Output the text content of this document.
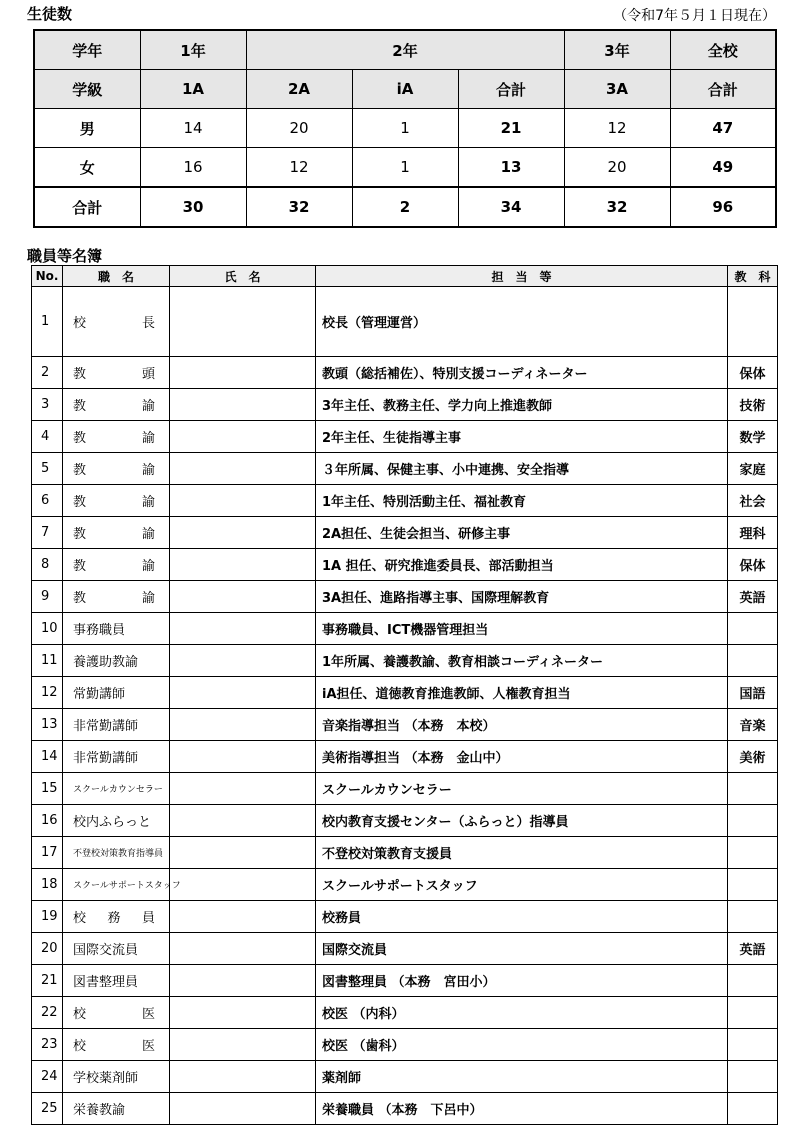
生徒数	（令和7年５月１日現在）
学年	1年	2年			3年	全校
学級	1A	2A	iA	合計	3A	合計
男	14	20	1	21	12	47
女	16	12	1	13	20	49
合計	30	32	2	34	32	96
職員等名簿
No.	職　名	氏　名	担　当　等	教　科
1	校長		校長（管理運営）	
2	教頭		教頭（総括補佐）、特別支援コーディネーター	保体
3	教諭		3年主任、教務主任、学力向上推進教師	技術
4	教諭		2年主任、生徒指導主事	数学
5	教諭		３年所属、保健主事、小中連携、安全指導	家庭
6	教諭		1年主任、特別活動主任、福祉教育	社会
7	教諭		2A担任、生徒会担当、研修主事	理科
8	教諭		1A 担任、研究推進委員長、部活動担当	保体
9	教諭		3A担任、進路指導主事、国際理解教育	英語
10	事務職員		事務職員、ICT機器管理担当	
11	養護助教諭		1年所属、養護教諭、教育相談コーディネーター	
12	常勤講師		iA担任、道徳教育推進教師、人権教育担当	国語
13	非常勤講師		音楽指導担当 （本務　本校）	音楽
14	非常勤講師		美術指導担当 （本務　金山中）	美術
15	スクールカウンセラー		スクールカウンセラー	
16	校内ふらっと		校内教育支援センター（ふらっと）指導員	
17	不登校対策教育指導員		不登校対策教育支援員	
18	スクールサポートスタッフ		スクールサポートスタッフ	
19	校務員		校務員	
20	国際交流員		国際交流員	英語
21	図書整理員		図書整理員 （本務　宮田小）	
22	校医		校医 （内科）	
23	校医		校医 （歯科）	
24	学校薬剤師		薬剤師	
25	栄養教諭		栄養職員 （本務　下呂中）	
